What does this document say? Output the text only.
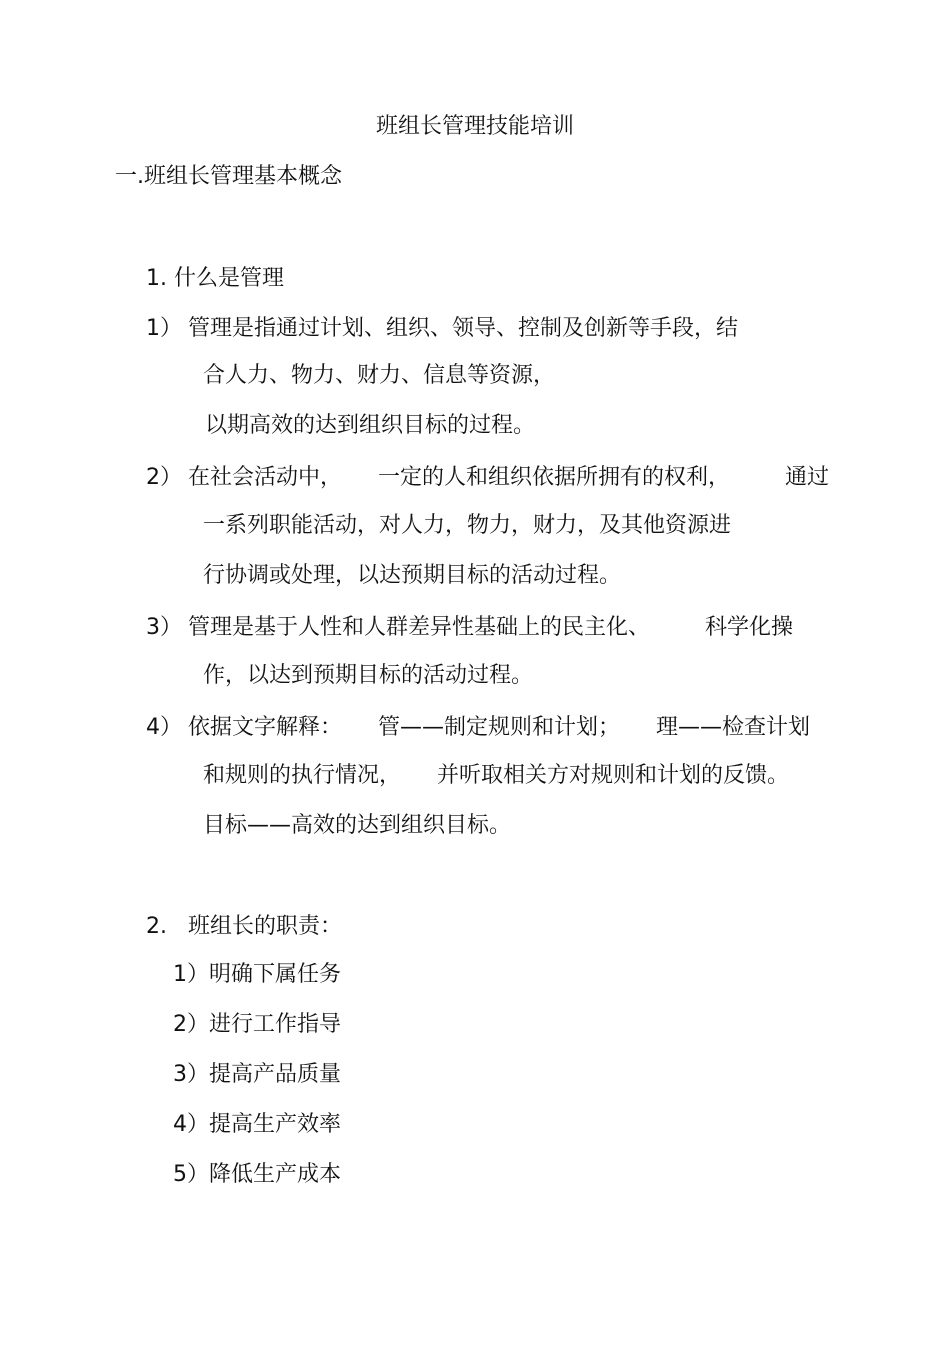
班组长管理技能培训
一.班组长管理基本概念
1. 什么是管理
1） 管理是指通过计划、组织、领导、控制及创新等手段，结
合人力、物力、财力、信息等资源，
以期高效的达到组织目标的过程。
2） 在社会活动中， 一定的人和组织依据所拥有的权利，	通过
一系列职能活动，对人力，物力，财力，及其他资源进
行协调或处理，以达预期目标的活动过程。
3） 管理是基于人性和人群差异性基础上的民主化、	科学化操
作，以达到预期目标的活动过程。
4） 依据文字解释： 管——制定规则和计划； 理——检查计划
和规则的执行情况， 并听取相关方对规则和计划的反馈。
目标——高效的达到组织目标。
2. 班组长的职责：
1）明确下属任务
2）进行工作指导
3）提高产品质量
4）提高生产效率
5）降低生产成本
